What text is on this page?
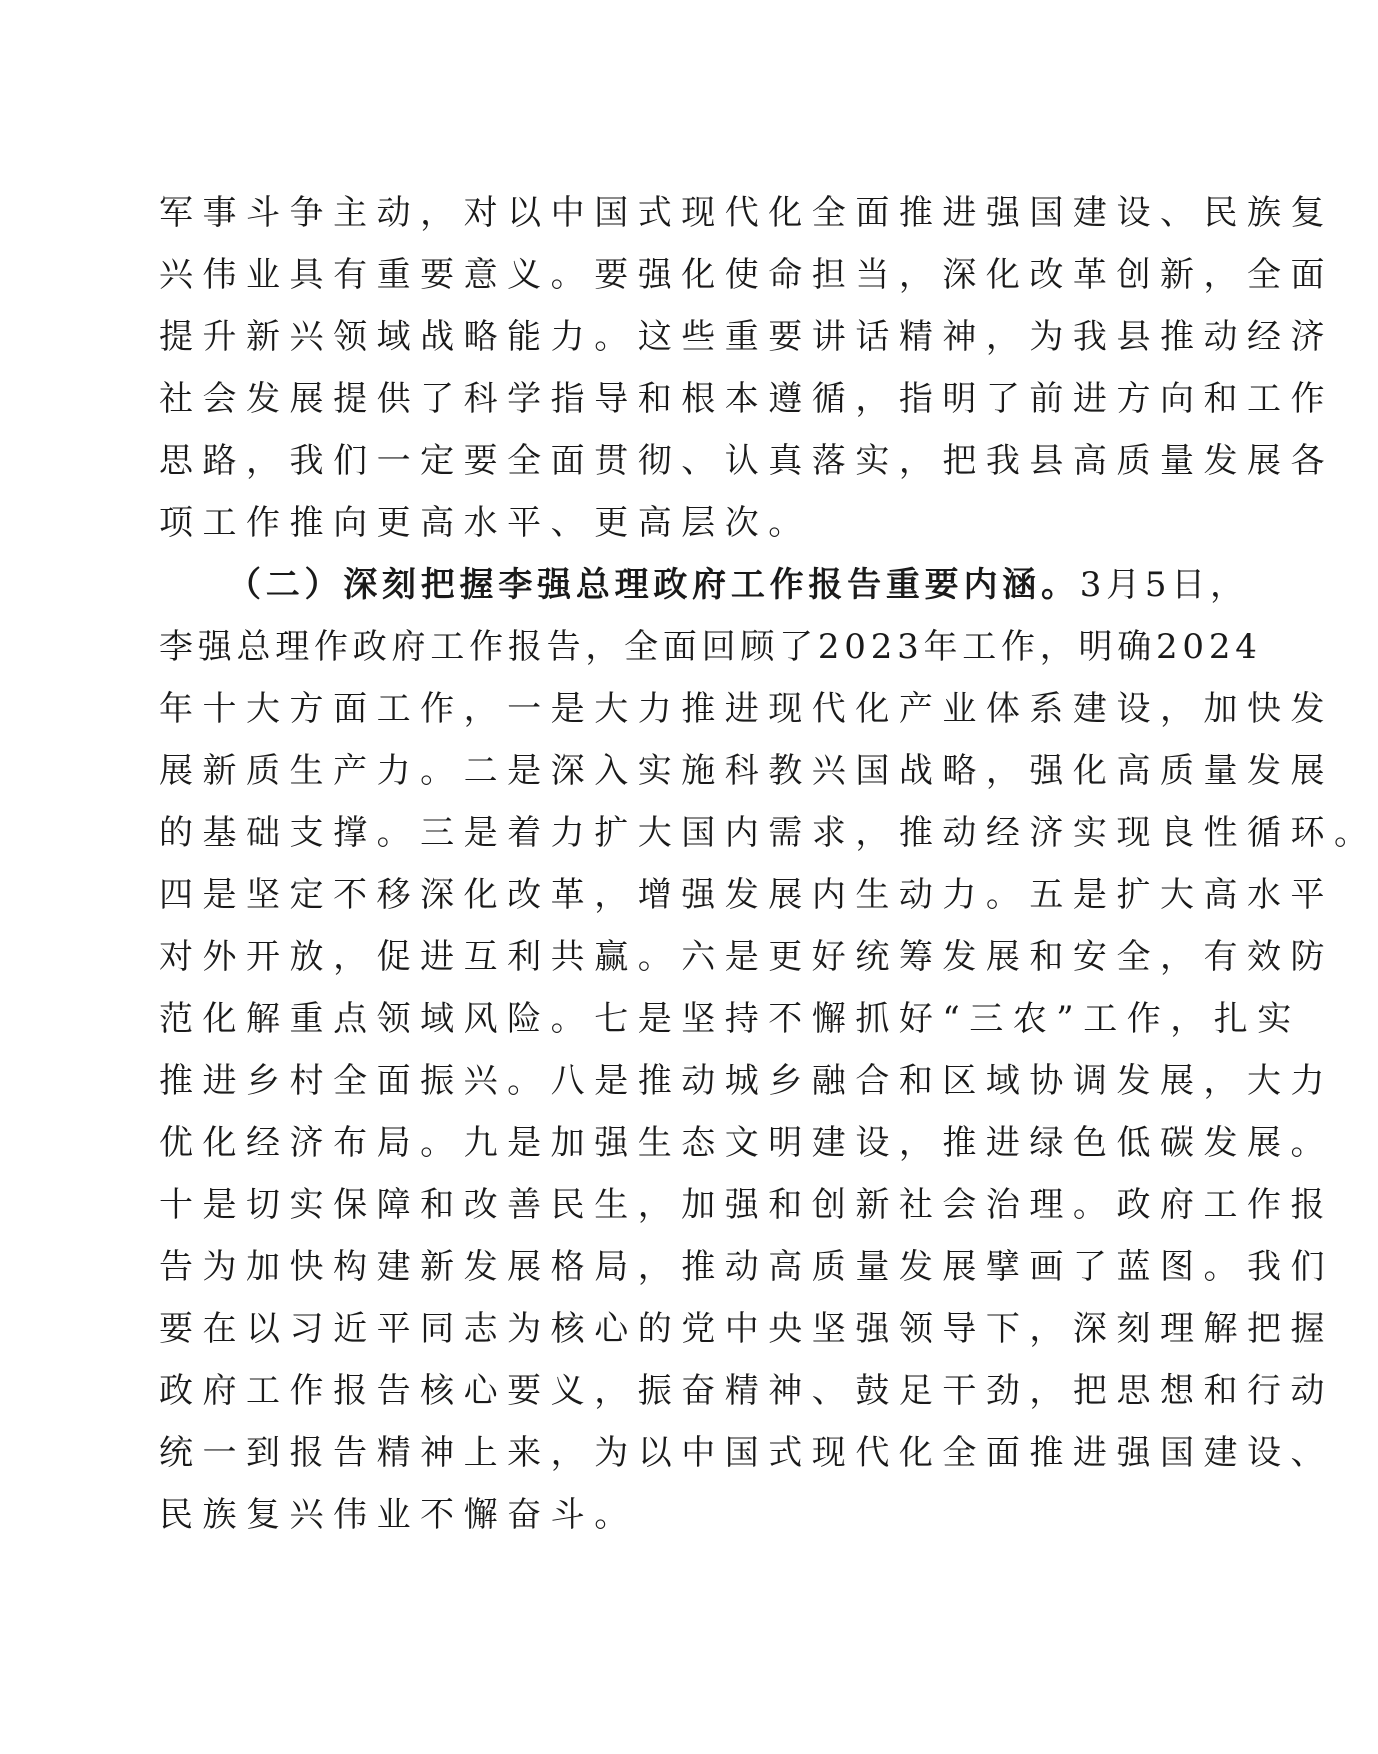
军事斗争主动，对以中国式现代化全面推进强国建设、民族复
兴伟业具有重要意义。要强化使命担当，深化改革创新，全面
提升新兴领域战略能力。这些重要讲话精神，为我县推动经济
社会发展提供了科学指导和根本遵循，指明了前进方向和工作
思路，我们一定要全面贯彻、认真落实，把我县高质量发展各
项工作推向更高水平、更高层次。
（二）深刻把握李强总理政府工作报告重要内涵。3月5日，
李强总理作政府工作报告，全面回顾了2023年工作，明确2024
年十大方面工作，一是大力推进现代化产业体系建设，加快发
展新质生产力。二是深入实施科教兴国战略，强化高质量发展
的基础支撑。三是着力扩大国内需求，推动经济实现良性循环。
四是坚定不移深化改革，增强发展内生动力。五是扩大高水平
对外开放，促进互利共赢。六是更好统筹发展和安全，有效防
范化解重点领域风险。七是坚持不懈抓好“三农”工作，扎实
推进乡村全面振兴。八是推动城乡融合和区域协调发展，大力
优化经济布局。九是加强生态文明建设，推进绿色低碳发展。
十是切实保障和改善民生，加强和创新社会治理。政府工作报
告为加快构建新发展格局，推动高质量发展擘画了蓝图。我们
要在以习近平同志为核心的党中央坚强领导下，深刻理解把握
政府工作报告核心要义，振奋精神、鼓足干劲，把思想和行动
统一到报告精神上来，为以中国式现代化全面推进强国建设、
民族复兴伟业不懈奋斗。
